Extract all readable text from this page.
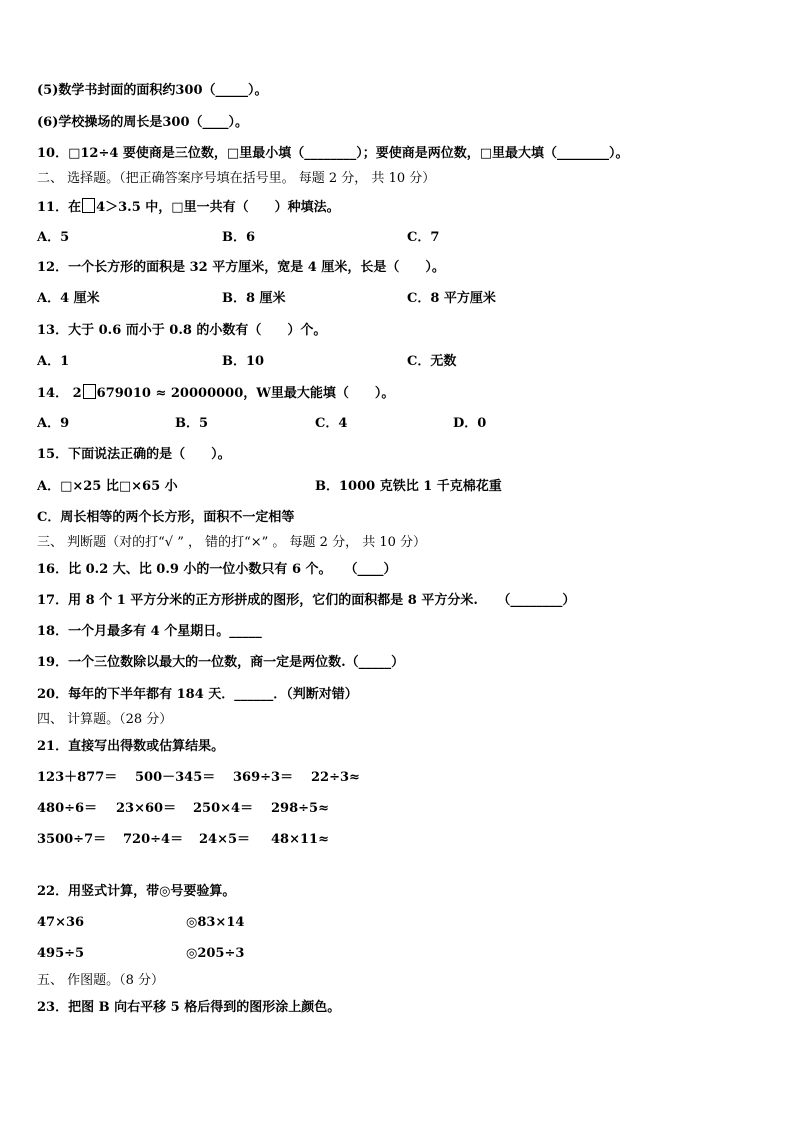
(5)数学书封面的面积约300（_____）。
(6)学校操场的周长是300（____）。
10．□12÷4 要使商是三位数，□里最小填（________）；要使商是两位数，□里最大填（________）。
二、 选择题。（把正确答案序号填在括号里。 每题 2 分， 共 10 分）
11．在 4＞3.5 中，□里一共有（　　）种填法。
A．5	B．6	C．7
12．一个长方形的面积是 32 平方厘米，宽是 4 厘米，长是（　　）。
A．4 厘米	B．8 厘米	C．8 平方厘米
13．大于 0.6 而小于 0.8 的小数有（　　）个。
A．1	B．10	C．无数
14． 2 679010 ≈ 20000000，W里最大能填（　　）。
A．9	B．5	C．4	D．0
15．下面说法正确的是（　　）。
A．□×25 比□×65 小	B．1000 克铁比 1 千克棉花重
C．周长相等的两个长方形，面积不一定相等
三、 判断题（对的打“√ ” ， 错的打“×” 。 每题 2 分， 共 10 分）
16．比 0.2 大、比 0.9 小的一位小数只有 6 个。　　（____）
17．用 8 个 1 平方分米的正方形拼成的图形，它们的面积都是 8 平方分米.　　（________）
18．一个月最多有 4 个星期日。_____
19．一个三位数除以最大的一位数，商一定是两位数.（_____）
20．每年的下半年都有 184 天．______．（判断对错）
四、 计算题。（28 分）
21．直接写出得数或估算结果。
123＋877＝ 500－345＝ 369÷3＝ 22÷3≈
480÷6＝ 23×60＝ 250×4＝ 298÷5≈
3500÷7＝ 720÷4＝ 24×5＝ 48×11≈
22．用竖式计算，带◎号要验算。
47×36	◎83×14
495÷5	◎205÷3
五、 作图题。（8 分）
23．把图 B 向右平移 5 格后得到的图形涂上颜色。
